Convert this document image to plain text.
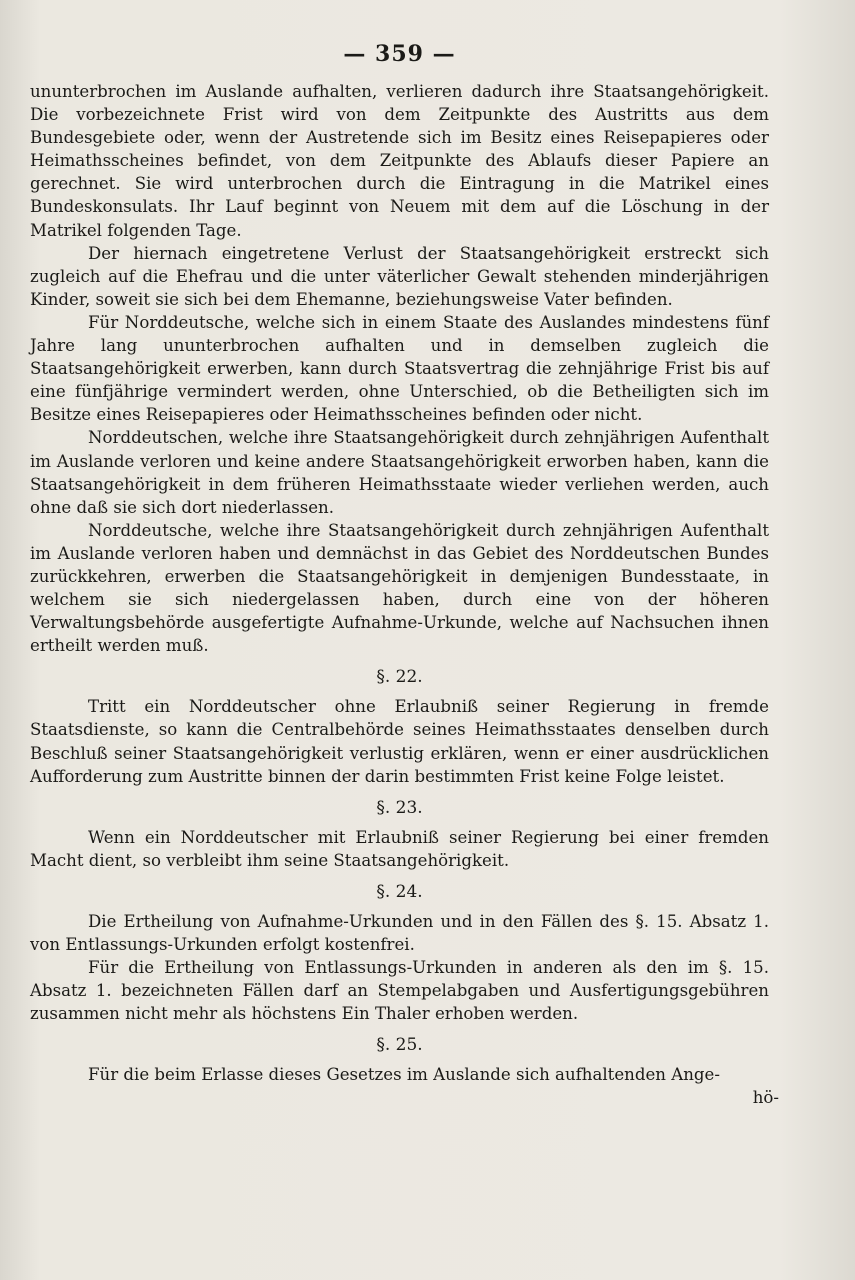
— 359 —

ununterbrochen im Auslande aufhalten, verlieren dadurch ihre Staatsangehörigkeit. Die vorbezeichnete Frist wird von dem Zeitpunkte des Austritts aus dem Bundesgebiete oder, wenn der Austretende sich im Besitz eines Reisepapieres oder Heimathsscheines befindet, von dem Zeitpunkte des Ablaufs dieser Papiere an gerechnet. Sie wird unterbrochen durch die Eintragung in die Matrikel eines Bundeskonsulats. Ihr Lauf beginnt von Neuem mit dem auf die Löschung in der Matrikel folgenden Tage.

Der hiernach eingetretene Verlust der Staatsangehörigkeit erstreckt sich zugleich auf die Ehefrau und die unter väterlicher Gewalt stehenden minderjährigen Kinder, soweit sie sich bei dem Ehemanne, beziehungsweise Vater befinden.

Für Norddeutsche, welche sich in einem Staate des Auslandes mindestens fünf Jahre lang ununterbrochen aufhalten und in demselben zugleich die Staatsangehörigkeit erwerben, kann durch Staatsvertrag die zehnjährige Frist bis auf eine fünfjährige vermindert werden, ohne Unterschied, ob die Betheiligten sich im Besitze eines Reisepapieres oder Heimathsscheines befinden oder nicht.

Norddeutschen, welche ihre Staatsangehörigkeit durch zehnjährigen Aufenthalt im Auslande verloren und keine andere Staatsangehörigkeit erworben haben, kann die Staatsangehörigkeit in dem früheren Heimathsstaate wieder verliehen werden, auch ohne daß sie sich dort niederlassen.

Norddeutsche, welche ihre Staatsangehörigkeit durch zehnjährigen Aufenthalt im Auslande verloren haben und demnächst in das Gebiet des Norddeutschen Bundes zurückkehren, erwerben die Staatsangehörigkeit in demjenigen Bundesstaate, in welchem sie sich niedergelassen haben, durch eine von der höheren Verwaltungsbehörde ausgefertigte Aufnahme-Urkunde, welche auf Nachsuchen ihnen ertheilt werden muß.

§. 22.

Tritt ein Norddeutscher ohne Erlaubniß seiner Regierung in fremde Staatsdienste, so kann die Centralbehörde seines Heimathsstaates denselben durch Beschluß seiner Staatsangehörigkeit verlustig erklären, wenn er einer ausdrücklichen Aufforderung zum Austritte binnen der darin bestimmten Frist keine Folge leistet.

§. 23.

Wenn ein Norddeutscher mit Erlaubniß seiner Regierung bei einer fremden Macht dient, so verbleibt ihm seine Staatsangehörigkeit.

§. 24.

Die Ertheilung von Aufnahme-Urkunden und in den Fällen des §. 15. Absatz 1. von Entlassungs-Urkunden erfolgt kostenfrei.

Für die Ertheilung von Entlassungs-Urkunden in anderen als den im §. 15. Absatz 1. bezeichneten Fällen darf an Stempelabgaben und Ausfertigungsgebühren zusammen nicht mehr als höchstens Ein Thaler erhoben werden.

§. 25.

Für die beim Erlasse dieses Gesetzes im Auslande sich aufhaltenden Ange-

hö-
